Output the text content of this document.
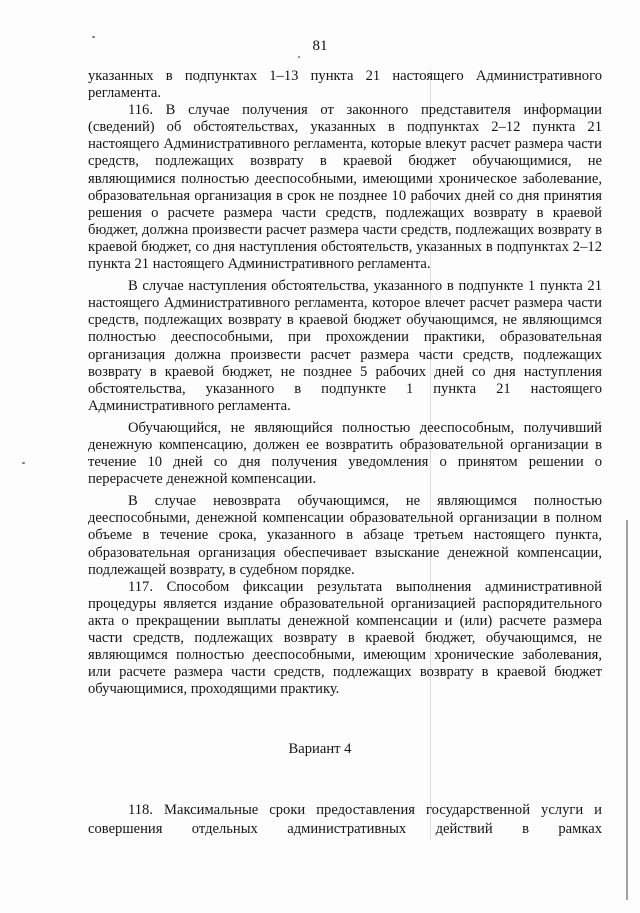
81

указанных в подпунктах 1–13 пункта 21 настоящего Административного регламента.

116. В случае получения от законного представителя информации (сведений) об обстоятельствах, указанных в подпунктах 2–12 пункта 21 настоящего Административного регламента, которые влекут расчет размера части средств, подлежащих возврату в краевой бюджет обучающимися, не являющимися полностью дееспособными, имеющими хроническое заболевание, образовательная организация в срок не позднее 10 рабочих дней со дня принятия решения о расчете размера части средств, подлежащих возврату в краевой бюджет, должна произвести расчет размера части средств, подлежащих возврату в краевой бюджет, со дня наступления обстоятельств, указанных в подпунктах 2–12 пункта 21 настоящего Административного регламента.

В случае наступления обстоятельства, указанного в подпункте 1 пункта 21 настоящего Административного регламента, которое влечет расчет размера части средств, подлежащих возврату в краевой бюджет обучающимся, не являющимся полностью дееспособными, при прохождении практики, образовательная организация должна произвести расчет размера части средств, подлежащих возврату в краевой бюджет, не позднее 5 рабочих дней со дня наступления обстоятельства, указанного в подпункте 1 пункта 21 настоящего Административного регламента.

Обучающийся, не являющийся полностью дееспособным, получивший денежную компенсацию, должен ее возвратить образовательной организации в течение 10 дней со дня получения уведомления о принятом решении о перерасчете денежной компенсации.

В случае невозврата обучающимся, не являющимся полностью дееспособными, денежной компенсации образовательной организации в полном объеме в течение срока, указанного в абзаце третьем настоящего пункта, образовательная организация обеспечивает взыскание денежной компенсации, подлежащей возврату, в судебном порядке.

117. Способом фиксации результата выполнения административной процедуры является издание образовательной организацией распорядительного акта о прекращении выплаты денежной компенсации и (или) расчете размера части средств, подлежащих возврату в краевой бюджет, обучающимся, не являющимся полностью дееспособными, имеющим хронические заболевания, или расчете размера части средств, подлежащих возврату в краевой бюджет обучающимися, проходящими практику.

Вариант 4

118. Максимальные сроки предоставления государственной услуги и совершения отдельных административных действий в рамках
